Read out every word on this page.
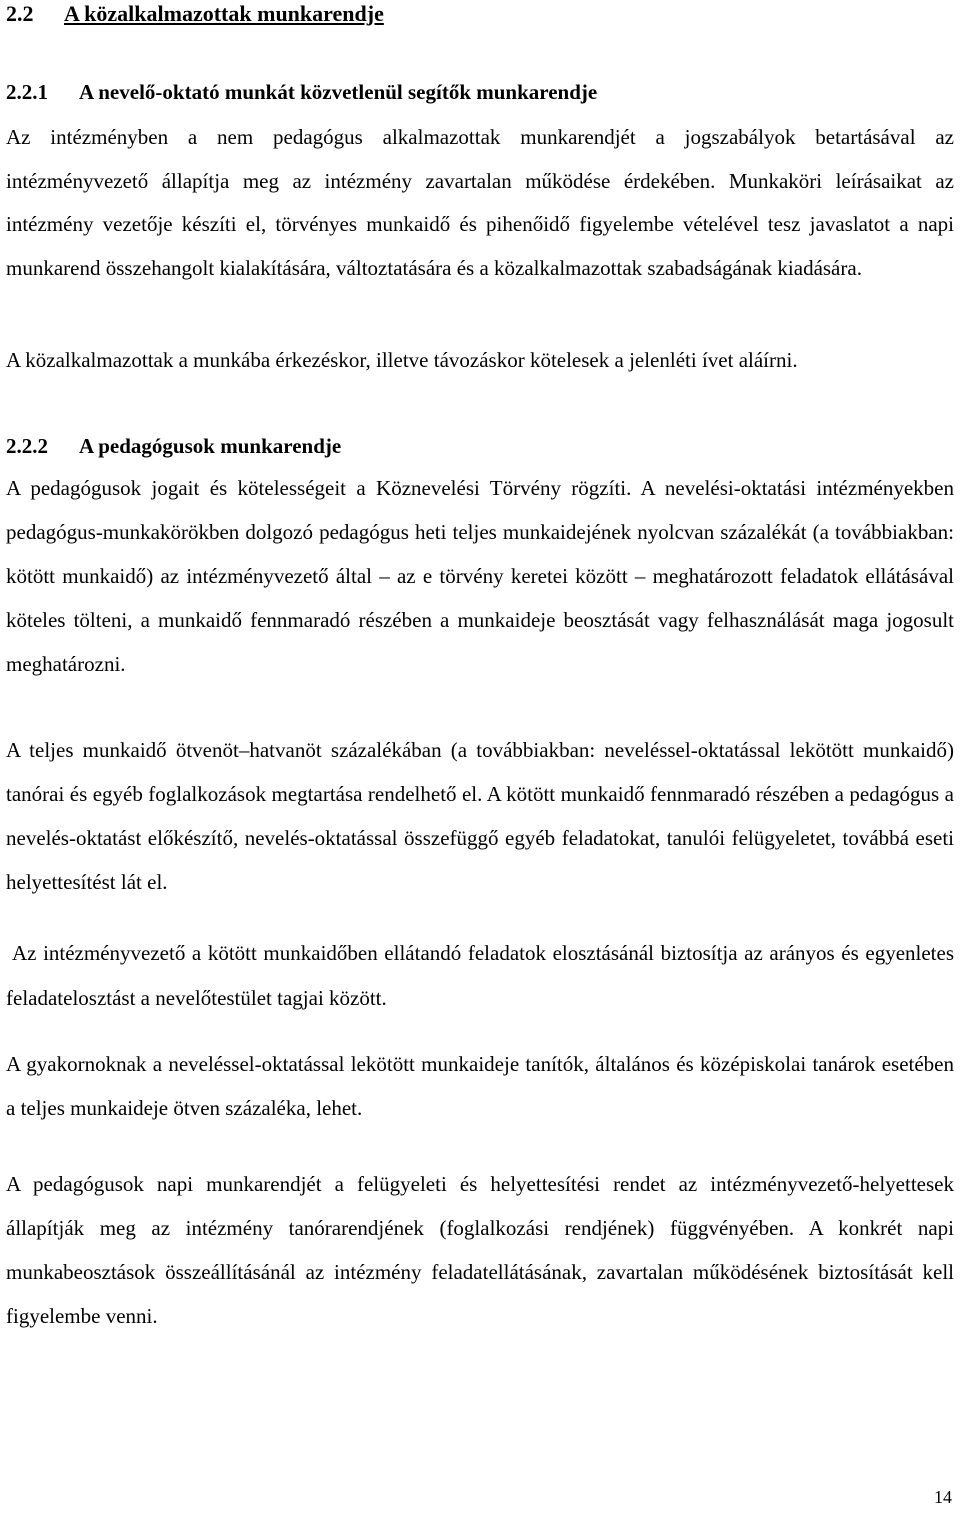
2.2 A közalkalmazottak munkarendje
2.2.1 A nevelő-oktató munkát közvetlenül segítők munkarendje

Az intézményben a nem pedagógus alkalmazottak munkarendjét a jogszabályok betartásával az intézményvezető állapítja meg az intézmény zavartalan működése érdekében. Munkaköri leírásaikat az intézmény vezetője készíti el, törvényes munkaidő és pihenőidő figyelembe vételével tesz javaslatot a napi munkarend összehangolt kialakítására, változtatására és a közalkalmazottak szabadságának kiadására.

A közalkalmazottak a munkába érkezéskor, illetve távozáskor kötelesek a jelenléti ívet aláírni.

2.2.2 A pedagógusok munkarendje

A pedagógusok jogait és kötelességeit a Köznevelési Törvény rögzíti. A nevelési-oktatási intézményekben pedagógus-munkakörökben dolgozó pedagógus heti teljes munkaidejének nyolcvan százalékát (a továbbiakban: kötött munkaidő) az intézményvezető által – az e törvény keretei között – meghatározott feladatok ellátásával köteles tölteni, a munkaidő fennmaradó részében a munkaideje beosztását vagy felhasználását maga jogosult meghatározni.

A teljes munkaidő ötvenöt–hatvanöt százalékában (a továbbiakban: neveléssel-oktatással lekötött munkaidő) tanórai és egyéb foglalkozások megtartása rendelhető el. A kötött munkaidő fennmaradó részében a pedagógus a nevelés-oktatást előkészítő, nevelés-oktatással összefüggő egyéb feladatokat, tanulói felügyeletet, továbbá eseti helyettesítést lát el.

Az intézményvezető a kötött munkaidőben ellátandó feladatok elosztásánál biztosítja az arányos és egyenletes feladatelosztást a nevelőtestület tagjai között.

A gyakornoknak a neveléssel-oktatással lekötött munkaideje tanítók, általános és középiskolai tanárok esetében a teljes munkaideje ötven százaléka, lehet.

A pedagógusok napi munkarendjét a felügyeleti és helyettesítési rendet az intézményvezető-helyettesek állapítják meg az intézmény tanórarendjének (foglalkozási rendjének) függvényében. A konkrét napi munkabeosztások összeállításánál az intézmény feladatellátásának, zavartalan működésének biztosítását kell figyelembe venni.

14
